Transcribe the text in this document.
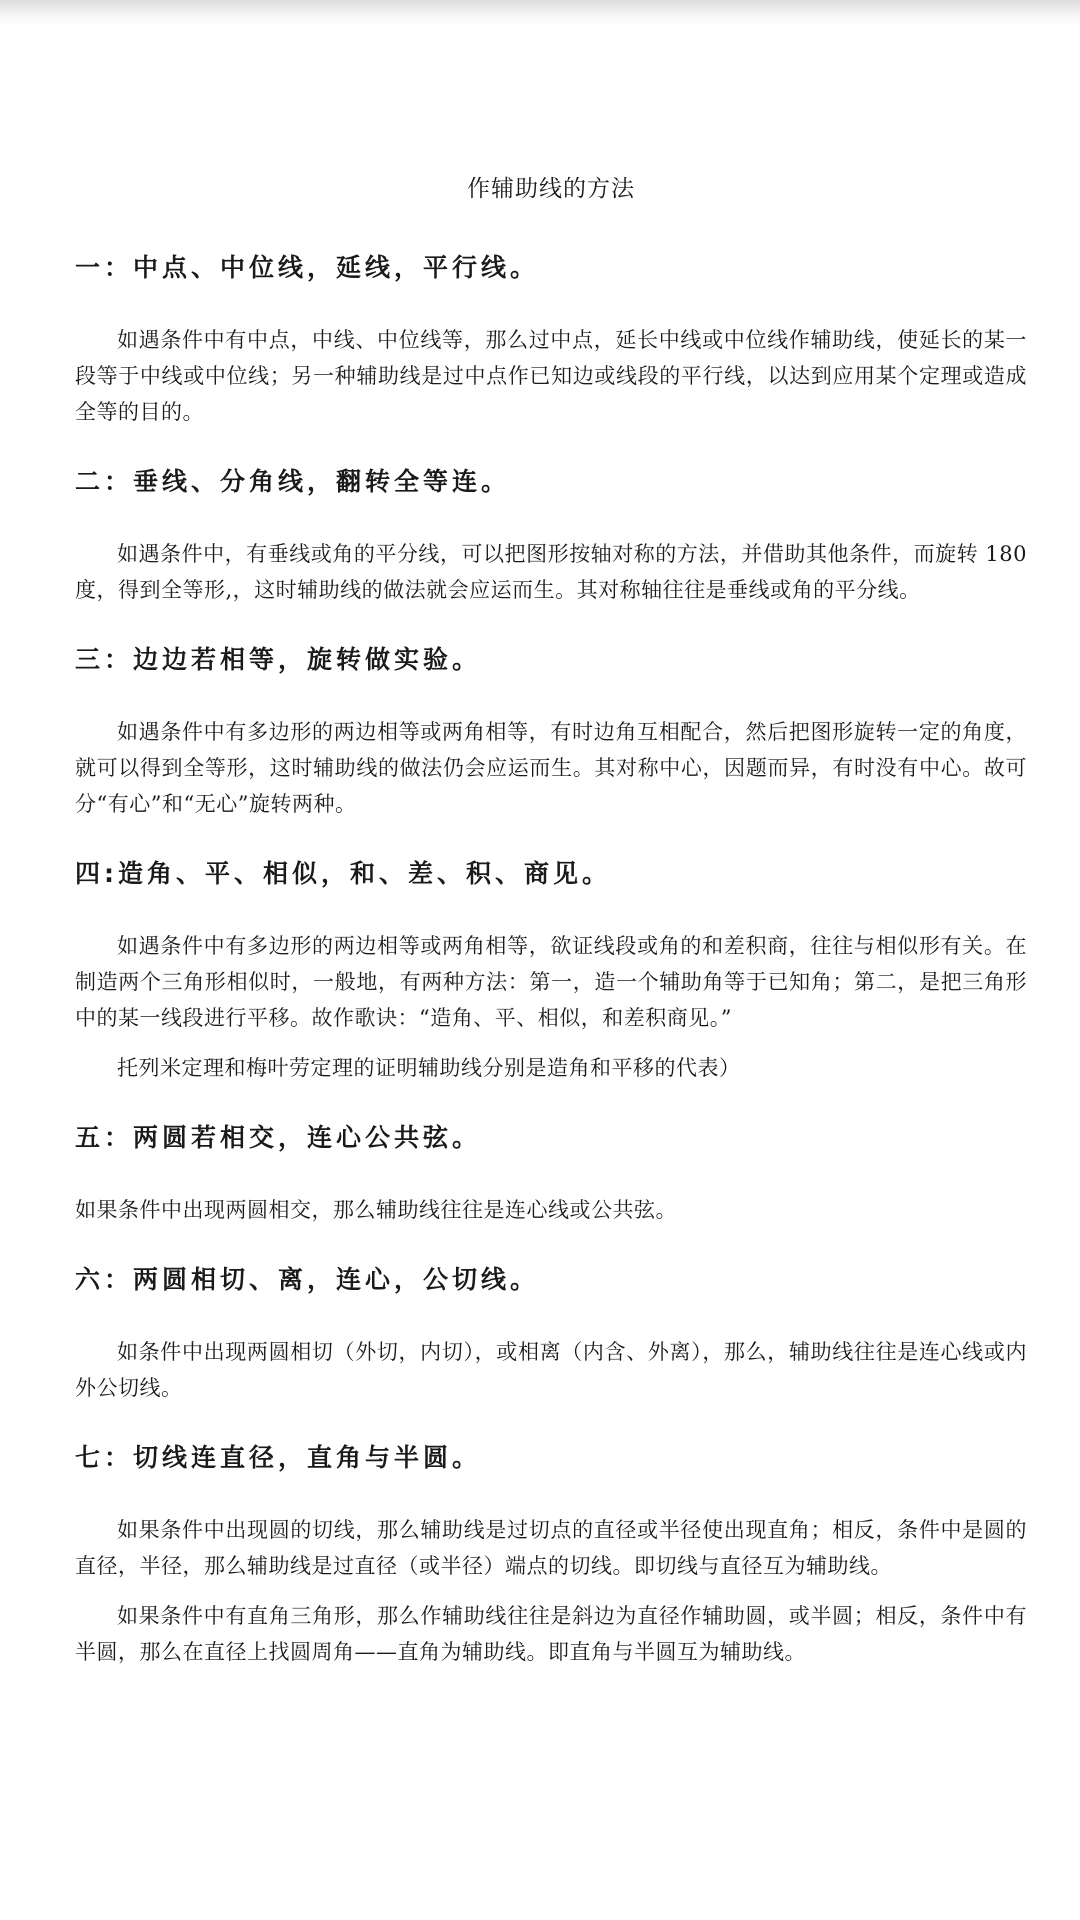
作辅助线的方法
一：中点、中位线，延线，平行线。

如遇条件中有中点，中线、中位线等，那么过中点，延长中线或中位线作辅助线，使延长的某一段等于中线或中位线；另一种辅助线是过中点作已知边或线段的平行线，以达到应用某个定理或造成全等的目的。

二：垂线、分角线，翻转全等连。

如遇条件中，有垂线或角的平分线，可以把图形按轴对称的方法，并借助其他条件，而旋转 180 度，得到全等形,，这时辅助线的做法就会应运而生。其对称轴往往是垂线或角的平分线。

三：边边若相等，旋转做实验。

如遇条件中有多边形的两边相等或两角相等，有时边角互相配合，然后把图形旋转一定的角度，就可以得到全等形，这时辅助线的做法仍会应运而生。其对称中心，因题而异，有时没有中心。故可分“有心”和“无心”旋转两种。

四:造角、平、相似，和、差、积、商见。

如遇条件中有多边形的两边相等或两角相等，欲证线段或角的和差积商，往往与相似形有关。在制造两个三角形相似时，一般地，有两种方法：第一，造一个辅助角等于已知角；第二，是把三角形中的某一线段进行平移。故作歌诀：“造角、平、相似，和差积商见。”

托列米定理和梅叶劳定理的证明辅助线分别是造角和平移的代表）

五：两圆若相交，连心公共弦。

如果条件中出现两圆相交，那么辅助线往往是连心线或公共弦。

六：两圆相切、离，连心，公切线。

如条件中出现两圆相切（外切，内切），或相离（内含、外离），那么，辅助线往往是连心线或内外公切线。

七：切线连直径，直角与半圆。

如果条件中出现圆的切线，那么辅助线是过切点的直径或半径使出现直角；相反，条件中是圆的直径，半径，那么辅助线是过直径（或半径）端点的切线。即切线与直径互为辅助线。

如果条件中有直角三角形，那么作辅助线往往是斜边为直径作辅助圆，或半圆；相反，条件中有半圆，那么在直径上找圆周角——直角为辅助线。即直角与半圆互为辅助线。
